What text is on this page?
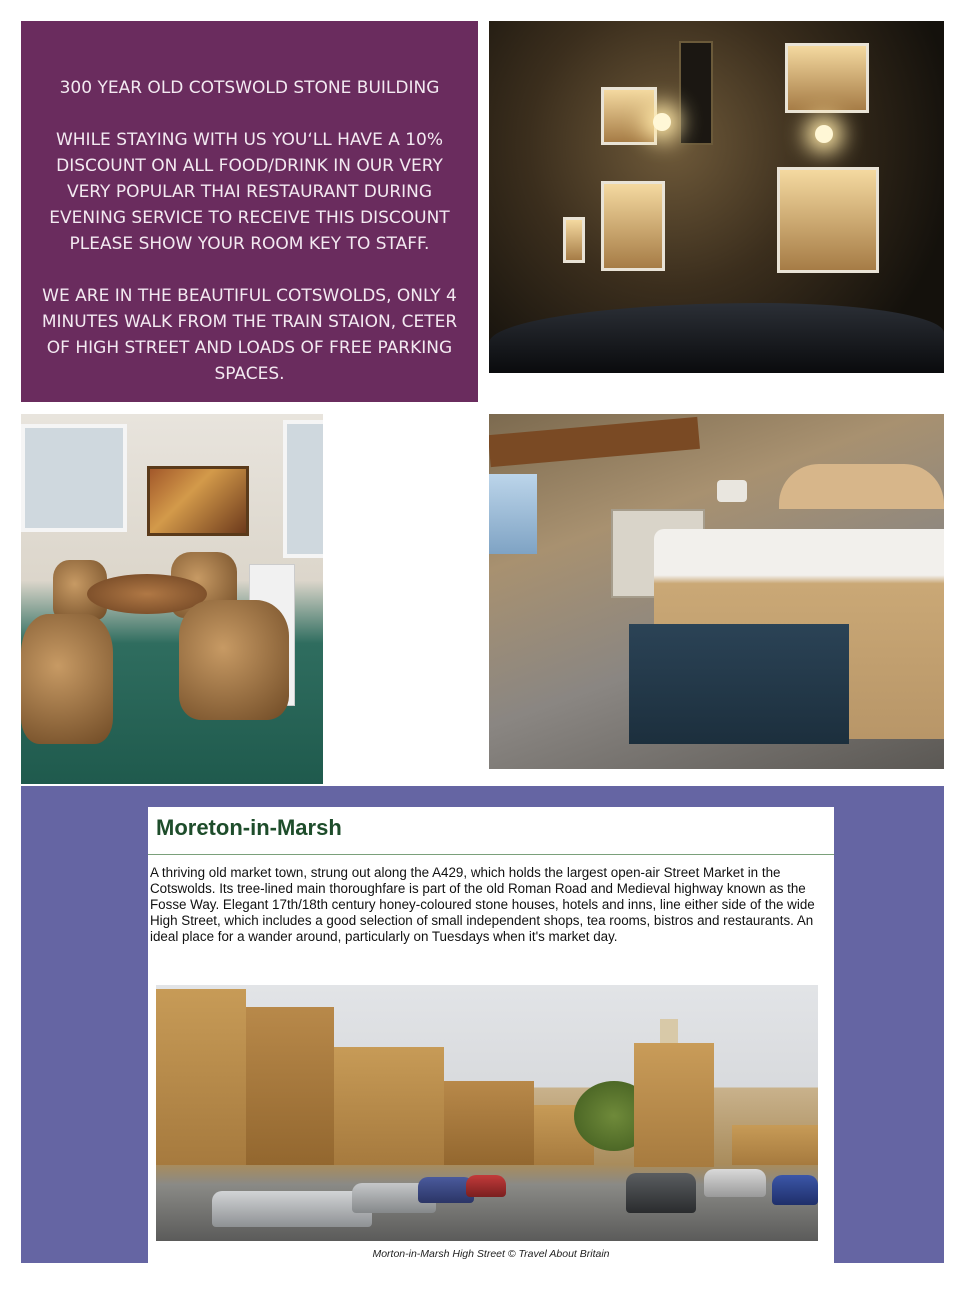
300 YEAR OLD COTSWOLD STONE BUILDING

WHILE STAYING WITH US YOU‘LL HAVE A 10% DISCOUNT ON ALL FOOD/DRINK IN OUR VERY VERY POPULAR THAI RESTAURANT DURING EVENING SERVICE TO RECEIVE THIS DISCOUNT PLEASE SHOW YOUR ROOM KEY TO STAFF.

WE ARE IN THE BEAUTIFUL COTSWOLDS, ONLY 4 MINUTES WALK FROM THE TRAIN STAION, CETER OF HIGH STREET AND LOADS OF FREE PARKING SPACES.

Moreton-in-Marsh
A thriving old market town, strung out along the A429, which holds the largest open-air Street Market in the Cotswolds. Its tree-lined main thoroughfare is part of the old Roman Road and Medieval highway known as the Fosse Way. Elegant 17th/18th century honey-coloured stone houses, hotels and inns, line either side of the wide High Street, which includes a good selection of small independent shops, tea rooms, bistros and restaurants. An ideal place for a wander around, particularly on Tuesdays when it's market day.
Morton-in-Marsh High Street © Travel About Britain
